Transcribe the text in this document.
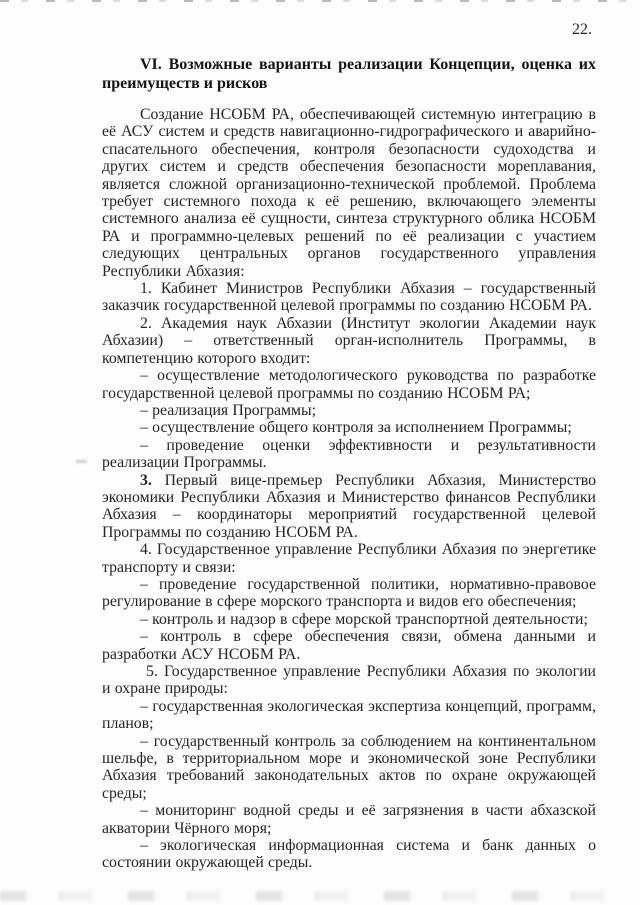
22.
VI. Возможные варианты реализации Концепции, оценка их преимуществ и рисков

Создание НСОБМ РА, обеспечивающей системную интеграцию в её АСУ систем и средств навигационно-гидрографического и аварийно-спасательного обеспечения, контроля безопасности судоходства и других систем и средств обеспечения безопасности мореплавания, является сложной организационно-технической проблемой. Проблема требует системного похода к её решению, включающего элементы системного анализа её сущности, синтеза структурного облика НСОБМ РА и программно-целевых решений по её реализации с участием следующих центральных органов государственного управления Республики Абхазия:

1. Кабинет Министров Республики Абхазия – государственный заказчик государственной целевой программы по созданию НСОБМ РА.

2. Академия наук Абхазии (Институт экологии Академии наук Абхазии) – ответственный орган-исполнитель Программы, в компетенцию которого входит:

– осуществление методологического руководства по разработке государственной целевой программы по созданию НСОБМ РА;

– реализация Программы;

– осуществление общего контроля за исполнением Программы;

– проведение оценки эффективности и результативности реализации Программы.

3. Первый вице-премьер Республики Абхазия, Министерство экономики Республики Абхазия и Министерство финансов Республики Абхазия – координаторы мероприятий государственной целевой Программы по созданию НСОБМ РА.

4. Государственное управление Республики Абхазия по энергетике транспорту и связи:

– проведение государственной политики, нормативно-правовое регулирование в сфере морского транспорта и видов его обеспечения;

– контроль и надзор в сфере морской транспортной деятельности;

– контроль в сфере обеспечения связи, обмена данными и разработки АСУ НСОБМ РА.

5. Государственное управление Республики Абхазия по экологии и охране природы:

– государственная экологическая экспертиза концепций, программ, планов;

– государственный контроль за соблюдением на континентальном шельфе, в территориальном море и экономической зоне Республики Абхазия требований законодательных актов по охране окружающей среды;

– мониторинг водной среды и её загрязнения в части абхазской акватории Чёрного моря;

– экологическая информационная система и банк данных о состоянии окружающей среды.
